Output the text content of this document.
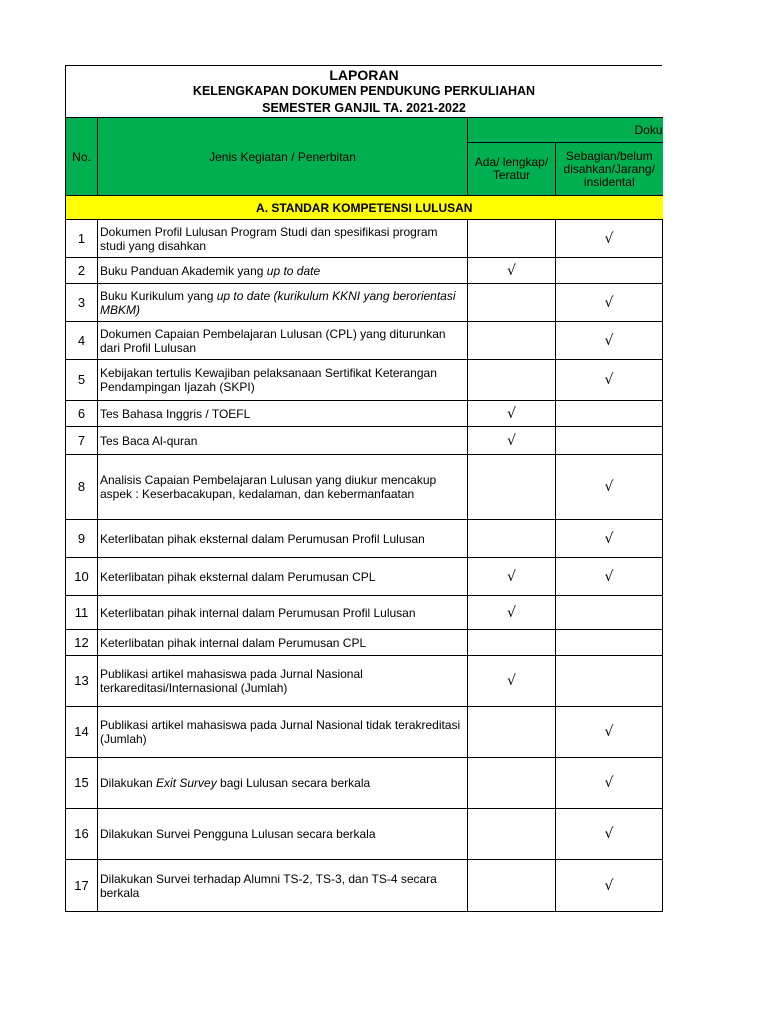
LAPORAN
KELENGKAPAN DOKUMEN PENDUKUNG PERKULIAHAN
SEMESTER GANJIL TA. 2021-2022
No.	Jenis Kegiatan / Penerbitan	Doku	
		Ada/ lengkap/ Teratur	Sebagian/belum disahkan/Jarang/ insidental
A. STANDAR KOMPETENSI LULUSAN			
1	Dokumen Profil Lulusan Program Studi dan spesifikasi program studi yang disahkan		√
2	Buku Panduan Akademik yang up to date	√	
3	Buku Kurikulum yang up to date (kurikulum KKNI yang berorientasi MBKM)		√
4	Dokumen Capaian Pembelajaran Lulusan (CPL) yang diturunkan dari Profil Lulusan		√
5	Kebijakan tertulis Kewajiban pelaksanaan Sertifikat Keterangan Pendampingan Ijazah (SKPI)		√
6	Tes Bahasa Inggris / TOEFL	√	
7	Tes Baca Al-quran	√	
8	Analisis Capaian Pembelajaran Lulusan yang diukur mencakup aspek : Keserbacakupan, kedalaman, dan kebermanfaatan		√
9	Keterlibatan pihak eksternal dalam Perumusan Profil Lulusan		√
10	Keterlibatan pihak eksternal dalam Perumusan CPL	√	√
11	Keterlibatan pihak internal dalam Perumusan Profil Lulusan	√	
12	Keterlibatan pihak internal dalam Perumusan CPL		
13	Publikasi artikel mahasiswa pada Jurnal Nasional terkareditasi/Internasional (Jumlah)	√	
14	Publikasi artikel mahasiswa pada Jurnal Nasional tidak terakreditasi (Jumlah)		√
15	Dilakukan Exit Survey bagi Lulusan secara berkala		√
16	Dilakukan Survei Pengguna Lulusan secara berkala		√
17	Dilakukan Survei terhadap Alumni TS-2, TS-3, dan TS-4 secara berkala		√
